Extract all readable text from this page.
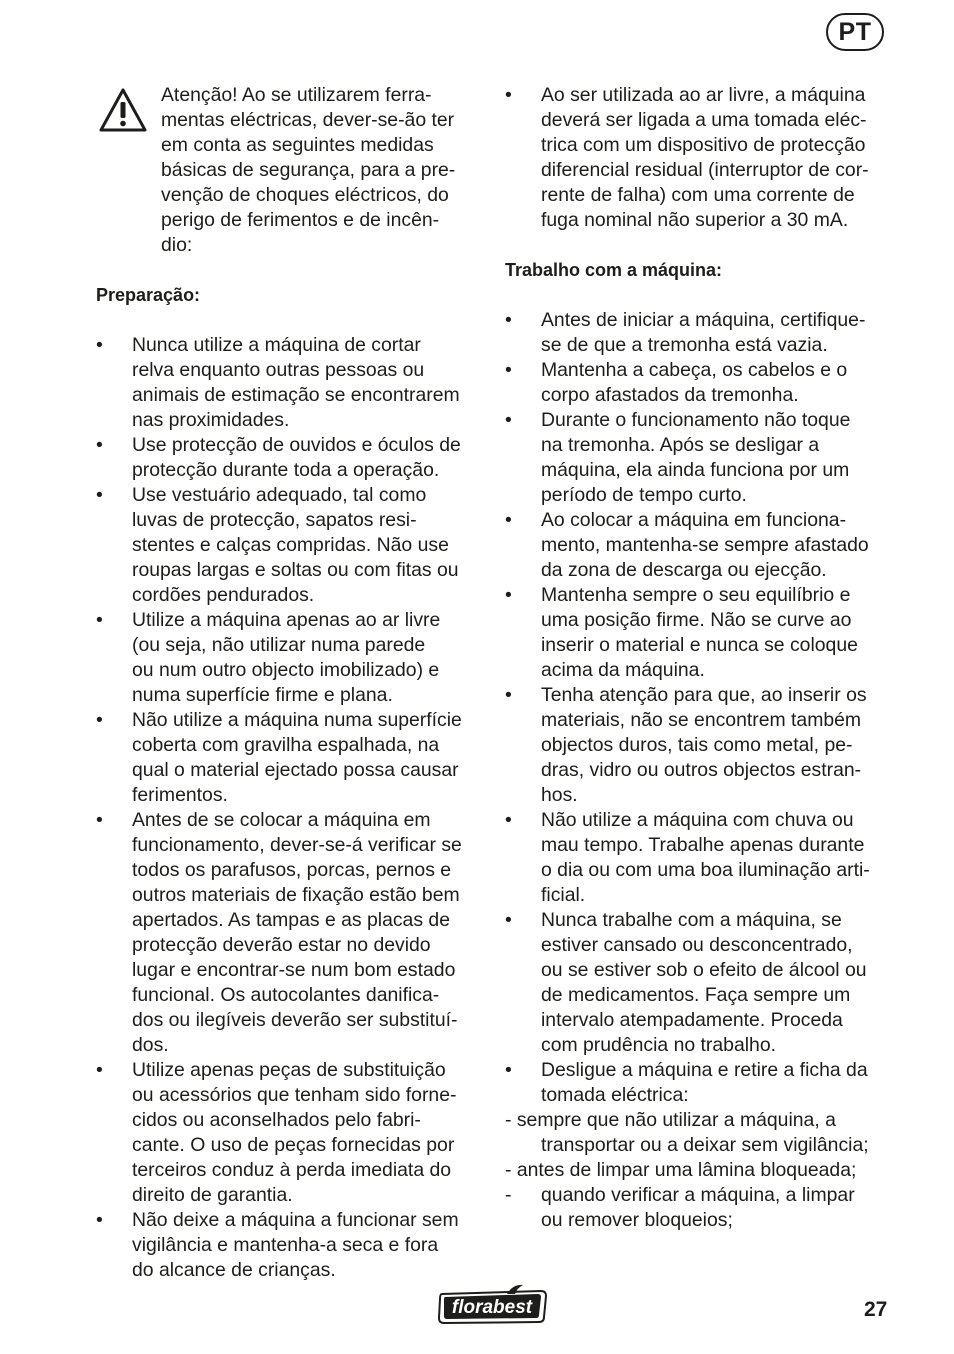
PT
Atenção! Ao se utilizarem ferra-
mentas eléctricas, dever-se-ão ter
em conta as seguintes medidas
básicas de segurança, para a pre-
venção de choques eléctricos, do
perigo de ferimentos e de incên-
dio:
Preparação:
• Nunca utilize a máquina de cortar
relva enquanto outras pessoas ou
animais de estimação se encontrarem
nas proximidades.
• Use protecção de ouvidos e óculos de
protecção durante toda a operação.
• Use vestuário adequado, tal como
luvas de protecção, sapatos resi-
stentes e calças compridas. Não use
roupas largas e soltas ou com fitas ou
cordões pendurados.
• Utilize a máquina apenas ao ar livre
(ou seja, não utilizar numa parede
ou num outro objecto imobilizado) e
numa superfície firme e plana.
• Não utilize a máquina numa superfície
coberta com gravilha espalhada, na
qual o material ejectado possa causar
ferimentos.
• Antes de se colocar a máquina em
funcionamento, dever-se-á verificar se
todos os parafusos, porcas, pernos e
outros materiais de fixação estão bem
apertados. As tampas e as placas de
protecção deverão estar no devido
lugar e encontrar-se num bom estado
funcional. Os autocolantes danifica-
dos ou ilegíveis deverão ser substituí-
dos.
• Utilize apenas peças de substituição
ou acessórios que tenham sido forne-
cidos ou aconselhados pelo fabri-
cante. O uso de peças fornecidas por
terceiros conduz à perda imediata do
direito de garantia.
• Não deixe a máquina a funcionar sem
vigilância e mantenha-a seca e fora
do alcance de crianças.
• Ao ser utilizada ao ar livre, a máquina
deverá ser ligada a uma tomada eléc-
trica com um dispositivo de protecção
diferencial residual (interruptor de cor-
rente de falha) com uma corrente de
fuga nominal não superior a 30 mA.
Trabalho com a máquina:
• Antes de iniciar a máquina, certifique-
se de que a tremonha está vazia.
• Mantenha a cabeça, os cabelos e o
corpo afastados da tremonha.
• Durante o funcionamento não toque
na tremonha. Após se desligar a
máquina, ela ainda funciona por um
período de tempo curto.
• Ao colocar a máquina em funciona-
mento, mantenha-se sempre afastado
da zona de descarga ou ejecção.
• Mantenha sempre o seu equilíbrio e
uma posição firme. Não se curve ao
inserir o material e nunca se coloque
acima da máquina.
• Tenha atenção para que, ao inserir os
materiais, não se encontrem também
objectos duros, tais como metal, pe-
dras, vidro ou outros objectos estran-
hos.
• Não utilize a máquina com chuva ou
mau tempo. Trabalhe apenas durante
o dia ou com uma boa iluminação arti-
ficial.
• Nunca trabalhe com a máquina, se
estiver cansado ou desconcentrado,
ou se estiver sob o efeito de álcool ou
de medicamentos. Faça sempre um
intervalo atempadamente. Proceda
com prudência no trabalho.
• Desligue a máquina e retire a ficha da
tomada eléctrica:
- sempre que não utilizar a máquina, a
transportar ou a deixar sem vigilância;
- antes de limpar uma lâmina bloqueada;
- quando verificar a máquina, a limpar
ou remover bloqueios;
florabest	27
